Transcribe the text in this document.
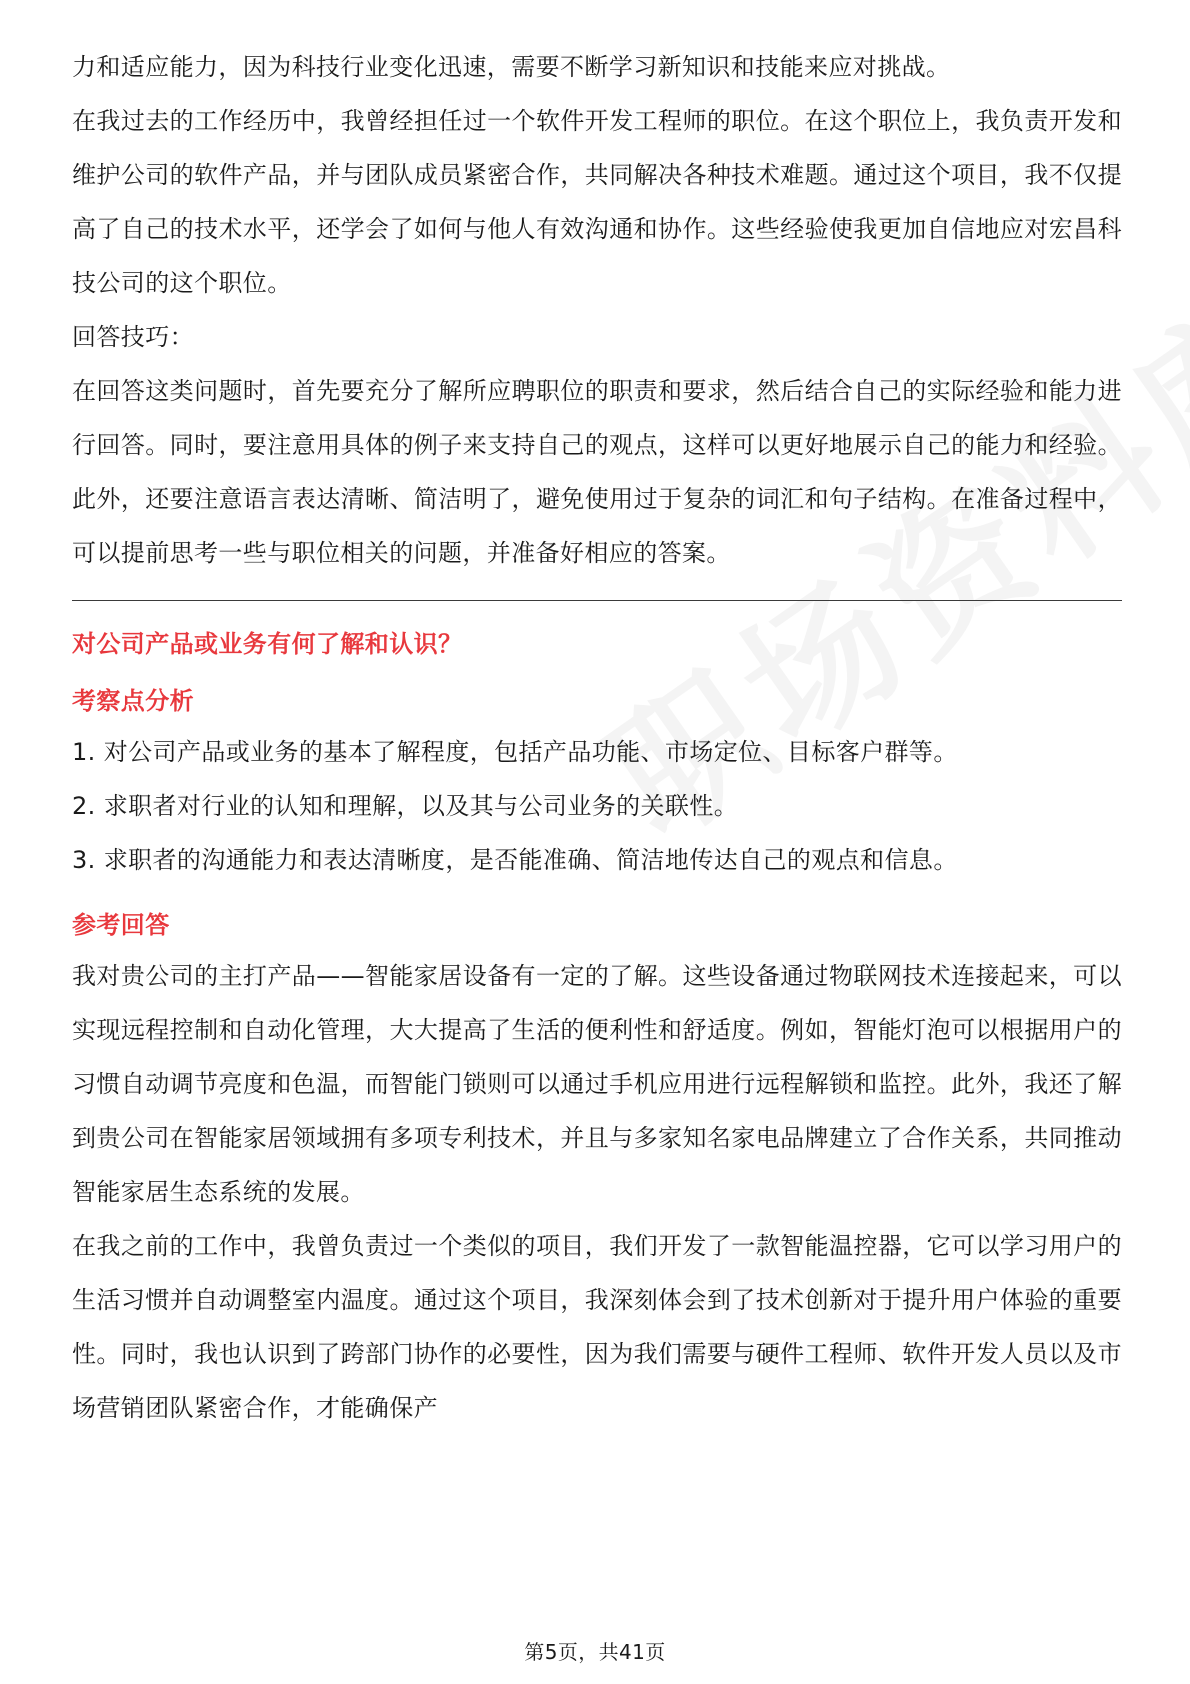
力和适应能力，因为科技行业变化迅速，需要不断学习新知识和技能来应对挑战。

在我过去的工作经历中，我曾经担任过一个软件开发工程师的职位。在这个职位上，我负责开发和维护公司的软件产品，并与团队成员紧密合作，共同解决各种技术难题。通过这个项目，我不仅提高了自己的技术水平，还学会了如何与他人有效沟通和协作。这些经验使我更加自信地应对宏昌科技公司的这个职位。

回答技巧：

在回答这类问题时，首先要充分了解所应聘职位的职责和要求，然后结合自己的实际经验和能力进行回答。同时，要注意用具体的例子来支持自己的观点，这样可以更好地展示自己的能力和经验。此外，还要注意语言表达清晰、简洁明了，避免使用过于复杂的词汇和句子结构。在准备过程中，可以提前思考一些与职位相关的问题，并准备好相应的答案。

对公司产品或业务有何了解和认识？

考察点分析

1. 对公司产品或业务的基本了解程度，包括产品功能、市场定位、目标客户群等。
2. 求职者对行业的认知和理解，以及其与公司业务的关联性。
3. 求职者的沟通能力和表达清晰度，是否能准确、简洁地传达自己的观点和信息。

参考回答

我对贵公司的主打产品——智能家居设备有一定的了解。这些设备通过物联网技术连接起来，可以实现远程控制和自动化管理，大大提高了生活的便利性和舒适度。例如，智能灯泡可以根据用户的习惯自动调节亮度和色温，而智能门锁则可以通过手机应用进行远程解锁和监控。此外，我还了解到贵公司在智能家居领域拥有多项专利技术，并且与多家知名家电品牌建立了合作关系，共同推动智能家居生态系统的发展。

在我之前的工作中，我曾负责过一个类似的项目，我们开发了一款智能温控器，它可以学习用户的生活习惯并自动调整室内温度。通过这个项目，我深刻体会到了技术创新对于提升用户体验的重要性。同时，我也认识到了跨部门协作的必要性，因为我们需要与硬件工程师、软件开发人员以及市场营销团队紧密合作，才能确保产

第5页，共41页
